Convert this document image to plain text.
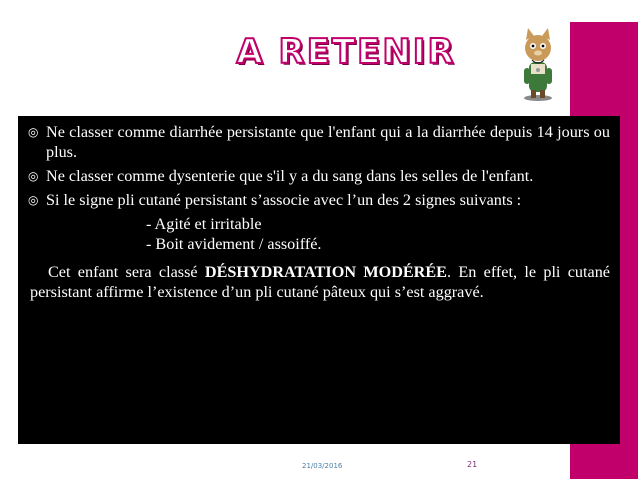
A RETENIR
◎ Ne classer comme diarrhée persistante que l'enfant qui a la diarrhée depuis 14 jours ou plus.
◎ Ne classer comme dysenterie que s'il y a du sang dans les selles de l'enfant.
◎ Si le signe pli cutané persistant s’associe avec l’un des 2 signes suivants :
- Agité et irritable
- Boit avidement / assoiffé.
Cet enfant sera classé DÉSHYDRATATION MODÉRÉE. En effet, le pli cutané persistant affirme l’existence d’un pli cutané pâteux qui s’est aggravé.
21/03/2016	21
